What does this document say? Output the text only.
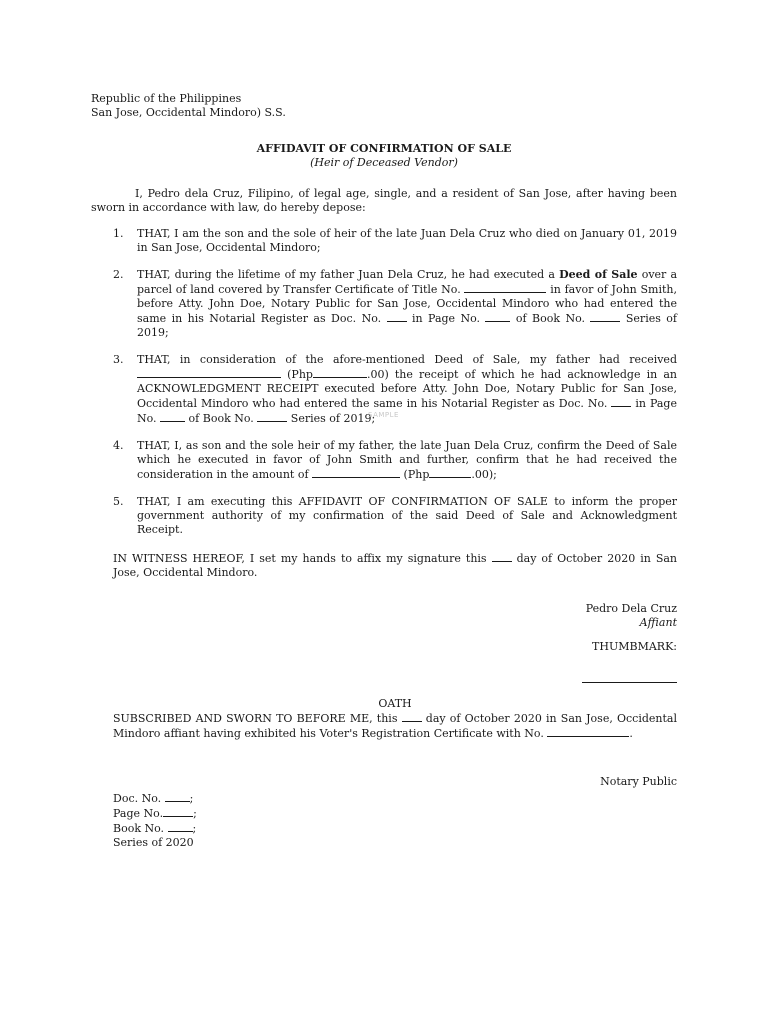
Republic of the Philippines
San Jose, Occidental Mindoro) S.S.
AFFIDAVIT OF CONFIRMATION OF SALE
(Heir of Deceased Vendor)
I, Pedro dela Cruz, Filipino, of legal age, single, and a resident of San Jose, after having been sworn in accordance with law, do hereby depose:
1. THAT, I am the son and the sole of heir of the late Juan Dela Cruz who died on January 01, 2019 in San Jose, Occidental Mindoro;
2. THAT, during the lifetime of my father Juan Dela Cruz, he had executed a Deed of Sale over a parcel of land covered by Transfer Certificate of Title No.	in favor of John Smith, before Atty. John Doe, Notary Public for San Jose, Occidental Mindoro who had entered the same in his Notarial Register as Doc. No.  in Page No.  of Book No.	Series of 2019;
3. THAT, in consideration of the afore-mentioned Deed of Sale, my father had received  (Php	.00) the receipt of which he had acknowledge in an ACKNOWLEDGMENT RECEIPT executed before Atty. John Doe, Notary Public for San Jose, Occidental Mindoro who had entered the same in his Notarial Register as Doc. No.  in Page No.  of Book No.	Series of 2019;
4. THAT, I, as son and the sole heir of my father, the late Juan Dela Cruz, confirm the Deed of Sale which he executed in favor of John Smith and further, confirm that he had received the consideration in the amount of	(Php	.00);
5. THAT, I am executing this AFFIDAVIT OF CONFIRMATION OF SALE to inform the proper government authority of my confirmation of the said Deed of Sale and Acknowledgment Receipt.
IN WITNESS HEREOF, I set my hands to affix my signature this  day of October 2020 in San Jose, Occidental Mindoro.
Pedro Dela Cruz
Affiant
THUMBMARK:
OATH
SUBSCRIBED AND SWORN TO BEFORE ME, this  day of October 2020 in San Jose, Occidental Mindoro affiant having exhibited his Voter's Registration Certificate with No.	.
Notary Public
Doc. No. ;
Page No.	;
Book No. ;
Series of 2020
SAMPLE
